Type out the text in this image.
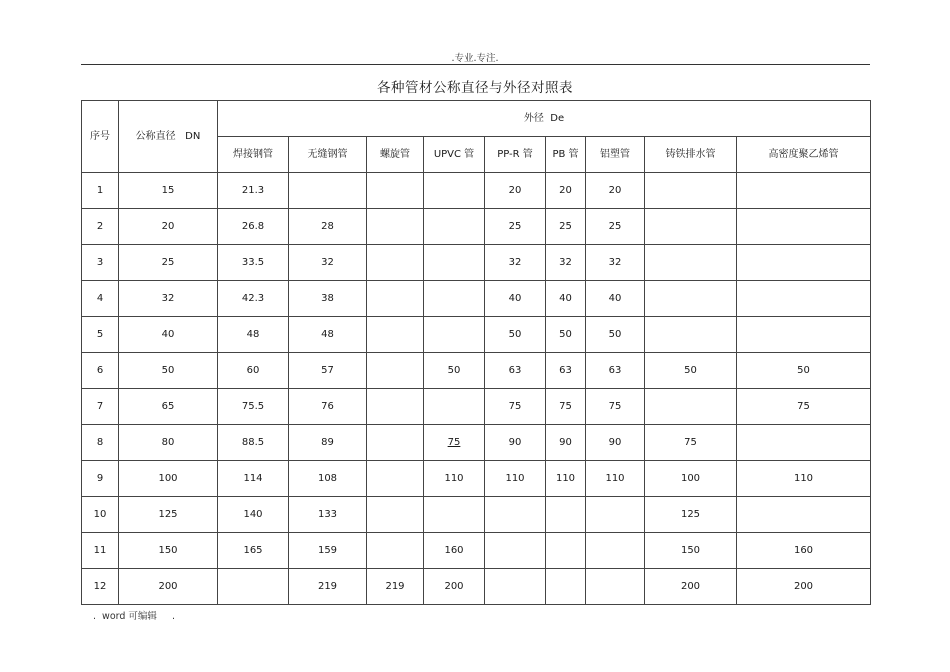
.专业.专注.
各种管材公称直径与外径对照表
序号	公称直径   DN	外径  De								
		焊接钢管	无缝钢管	螺旋管	UPVC 管	PP-R 管	PB 管	铝塑管	铸铁排水管	高密度聚乙烯管
1	15	21.3				20	20	20		
2	20	26.8	28			25	25	25		
3	25	33.5	32			32	32	32		
4	32	42.3	38			40	40	40		
5	40	48	48			50	50	50		
6	50	60	57		50	63	63	63	50	50
7	65	75.5	76			75	75	75		75
8	80	88.5	89		75	90	90	90	75	
9	100	114	108		110	110	110	110	100	110
10	125	140	133						125	
11	150	165	159		160				150	160
12	200		219	219	200				200	200
.  word 可编辑     .
